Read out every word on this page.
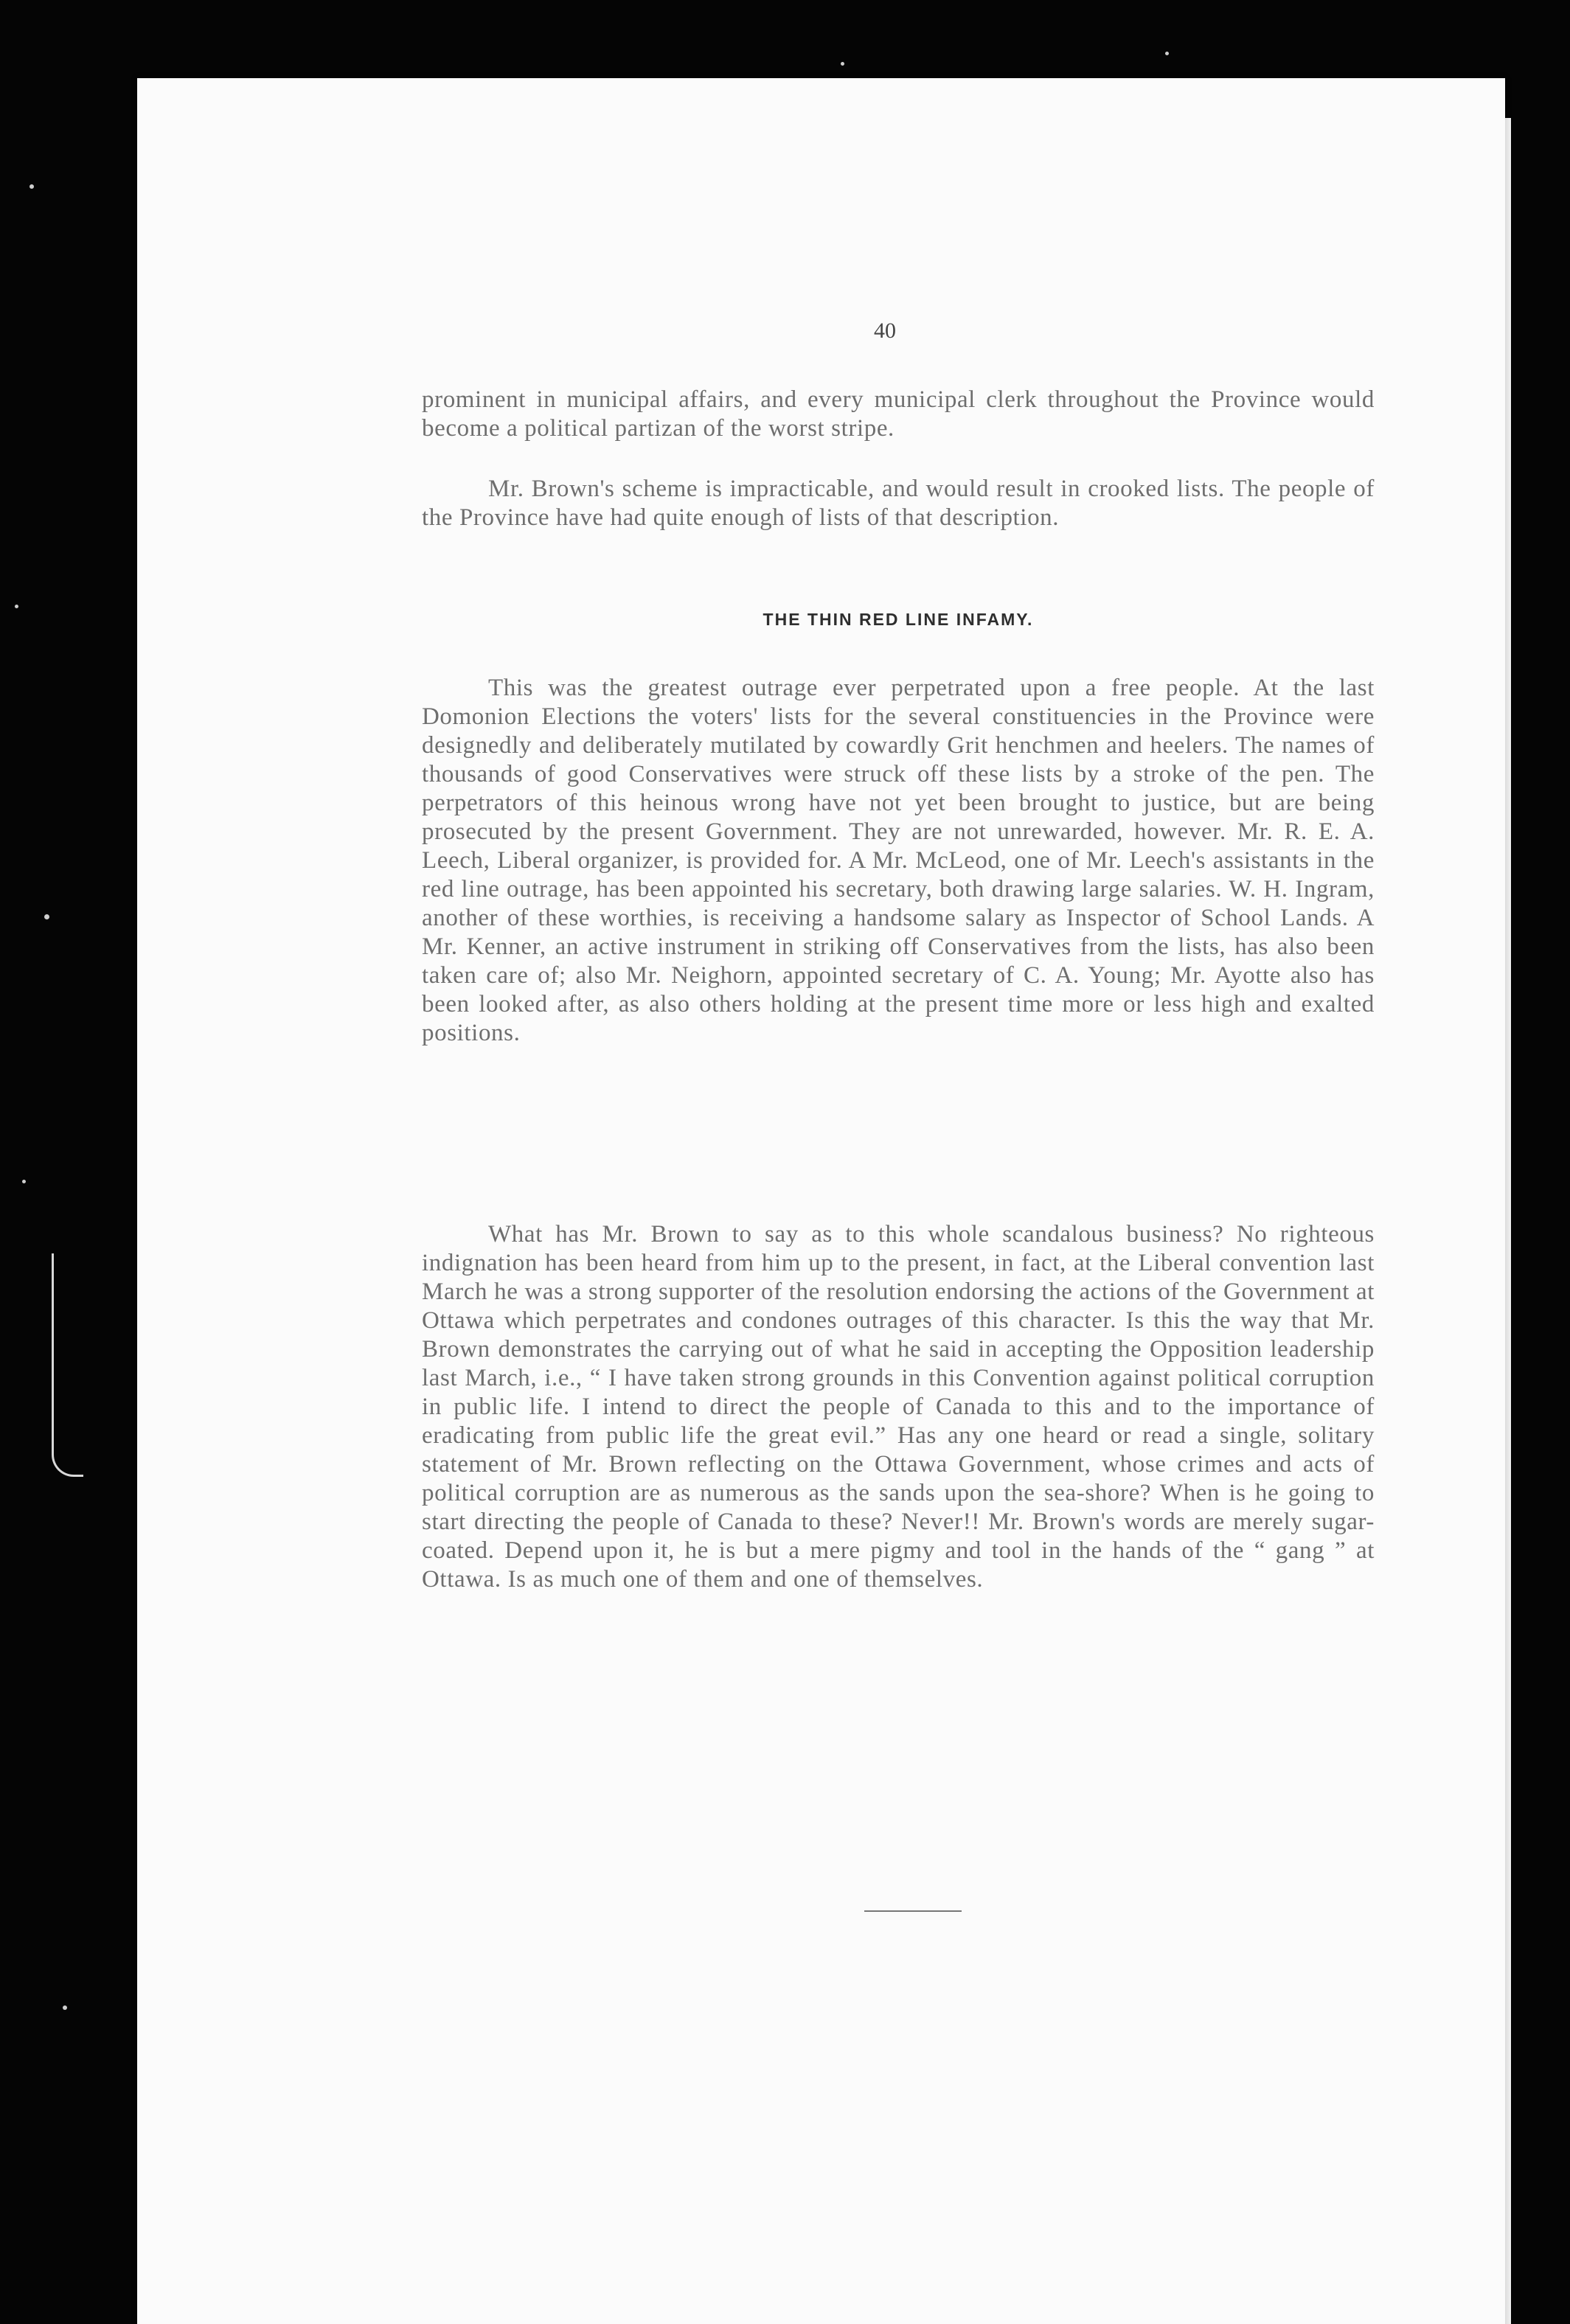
40

prominent in municipal affairs, and every municipal clerk throughout the Province would become a political partizan of the worst stripe.

Mr. Brown's scheme is impracticable, and would result in crooked lists. The people of the Province have had quite enough of lists of that description.

THE THIN RED LINE INFAMY.

This was the greatest outrage ever perpetrated upon a free people. At the last Domonion Elections the voters' lists for the several constituencies in the Province were designedly and deliberately mutilated by cowardly Grit henchmen and heelers. The names of thousands of good Conservatives were struck off these lists by a stroke of the pen. The perpetrators of this heinous wrong have not yet been brought to justice, but are being prosecuted by the present Government. They are not unrewarded, however. Mr. R. E. A. Leech, Liberal organizer, is provided for. A Mr. McLeod, one of Mr. Leech's assistants in the red line outrage, has been appointed his secretary, both drawing large salaries. W. H. Ingram, another of these worthies, is receiving a handsome salary as Inspector of School Lands. A Mr. Kenner, an active instrument in striking off Conservatives from the lists, has also been taken care of; also Mr. Neighorn, appointed secretary of C. A. Young; Mr. Ayotte also has been looked after, as also others holding at the present time more or less high and exalted positions.

What has Mr. Brown to say as to this whole scandalous business? No righteous indignation has been heard from him up to the present, in fact, at the Liberal convention last March he was a strong supporter of the resolution endorsing the actions of the Government at Ottawa which perpetrates and condones outrages of this character. Is this the way that Mr. Brown demonstrates the carrying out of what he said in accepting the Opposition leadership last March, i.e., “ I have taken strong grounds in this Convention against political corruption in public life. I intend to direct the people of Canada to this and to the importance of eradicating from public life the great evil.” Has any one heard or read a single, solitary statement of Mr. Brown reflecting on the Ottawa Government, whose crimes and acts of political corruption are as numerous as the sands upon the sea-shore? When is he going to start directing the people of Canada to these? Never!! Mr. Brown's words are merely sugar-coated. Depend upon it, he is but a mere pigmy and tool in the hands of the “ gang ” at Ottawa. Is as much one of them and one of themselves.
